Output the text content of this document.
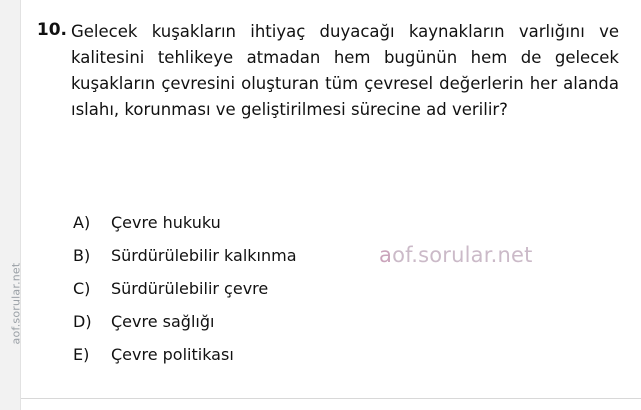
aof.sorular.net
10. Gelecek kuşakların ihtiyaç duyacağı kaynakların varlığını ve kalitesini tehlikeye atmadan hem bugünün hem de gelecek kuşakların çevresini oluşturan tüm çevresel değerlerin her alanda ıslahı, korunması ve geliştirilmesi sürecine ad verilir?
A)	Çevre hukuku
B)	Sürdürülebilir kalkınma
C)	Sürdürülebilir çevre
D)	Çevre sağlığı
E)	Çevre politikası
aof.sorular.net
